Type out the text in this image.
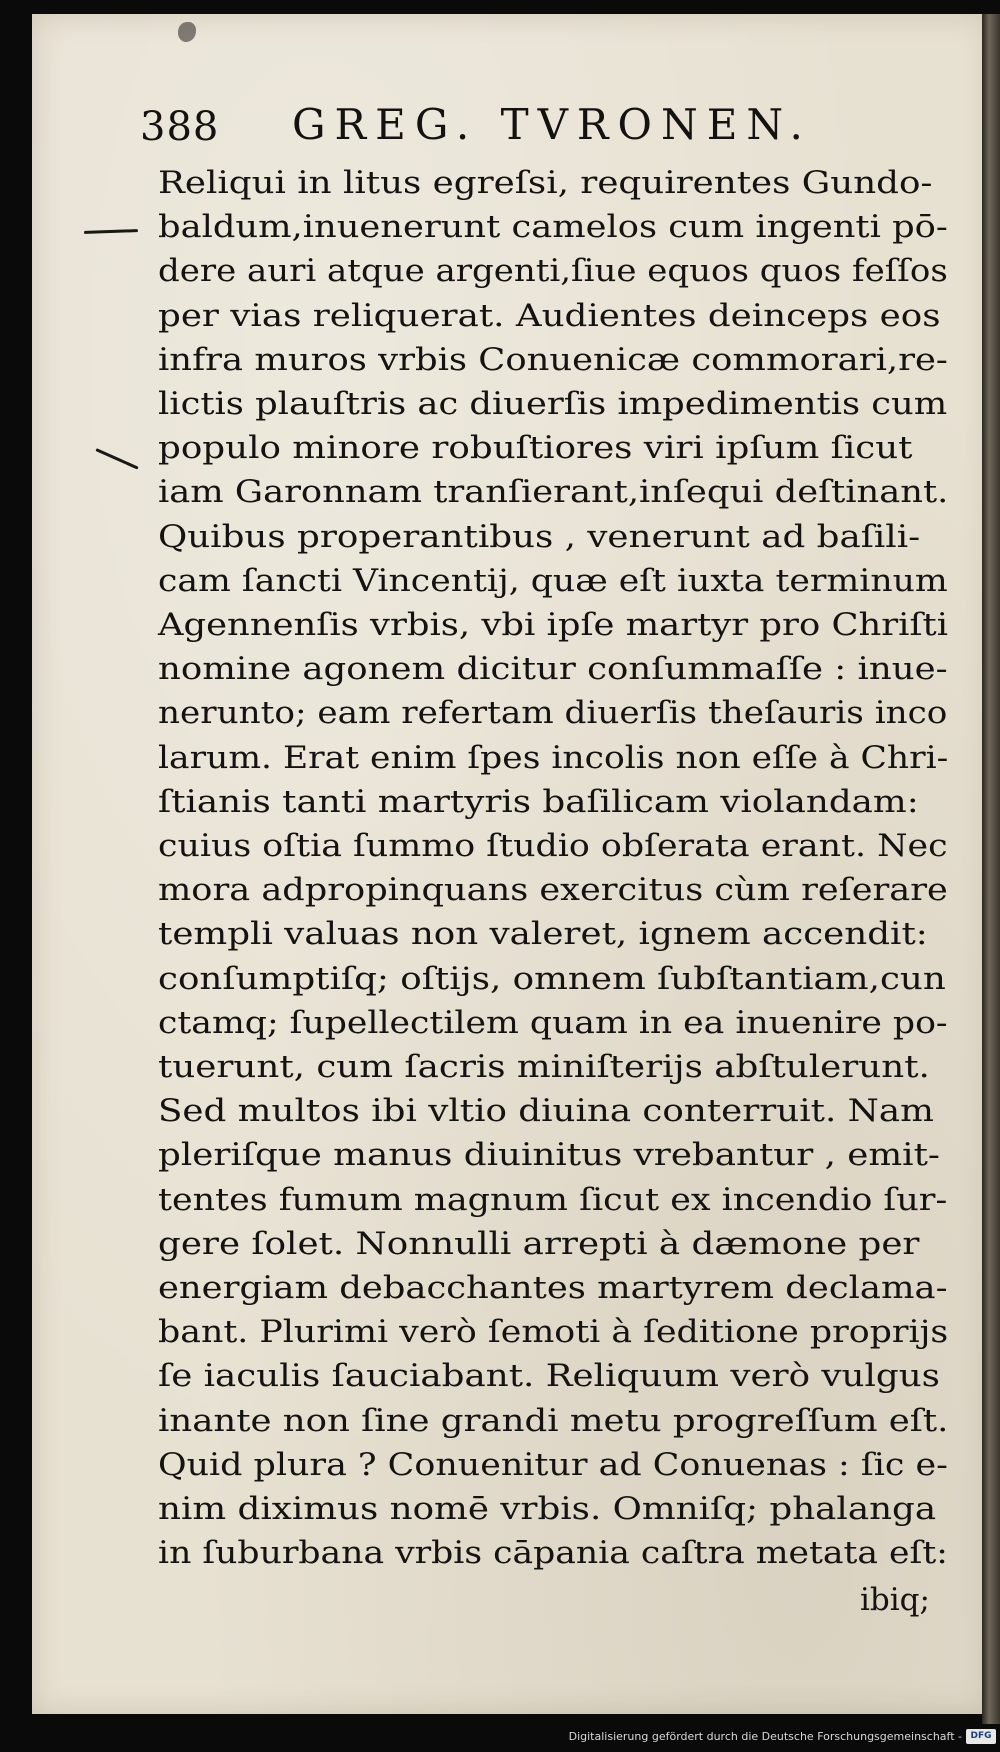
388 GREG. TVRONEN.
Reliqui in litus egreſsi, requirentes Gundo-
baldum,inuenerunt camelos cum ingenti pō-
dere auri atque argenti,ſiue equos quos feſſos
per vias reliquerat. Audientes deinceps eos
infra muros vrbis Conuenicæ commorari,re-
lictis plauſtris ac diuerſis impedimentis cum
populo minore robuſtiores viri ipſum ſicut
iam Garonnam tranſierant,inſequi deſtinant.
Quibus properantibus , venerunt ad baſili-
cam ſancti Vincentij, quæ eſt iuxta terminum
Agennenſis vrbis, vbi ipſe martyr pro Chriſti
nomine agonem dicitur conſummaſſe : inue-
nerunto; eam refertam diuerſis theſauris inco
larum. Erat enim ſpes incolis non eſſe à Chri-
ſtianis tanti martyris baſilicam violandam:
cuius oſtia ſummo ſtudio obſerata erant. Nec
mora adpropinquans exercitus cùm reſerare
templi valuas non valeret, ignem accendit:
conſumptiſq; oſtijs, omnem ſubſtantiam,cun
ctamq; ſupellectilem quam in ea inuenire po-
tuerunt, cum ſacris miniſterijs abſtulerunt.
Sed multos ibi vltio diuina conterruit. Nam
pleriſque manus diuinitus vrebantur , emit-
tentes fumum magnum ſicut ex incendio ſur-
gere ſolet. Nonnulli arrepti à dæmone per
energiam debacchantes martyrem declama-
bant. Plurimi verò ſemoti à ſeditione proprijs
ſe iaculis ſauciabant. Reliquum verò vulgus
inante non ſine grandi metu progreſſum eſt.
Quid plura ? Conuenitur ad Conuenas : ſic e-
nim diximus nomē vrbis. Omniſq; phalanga
in ſuburbana vrbis cāpania caſtra metata eſt:
ibiq;
Digitalisierung gefördert durch die Deutsche Forschungsgemeinschaft - DFG
